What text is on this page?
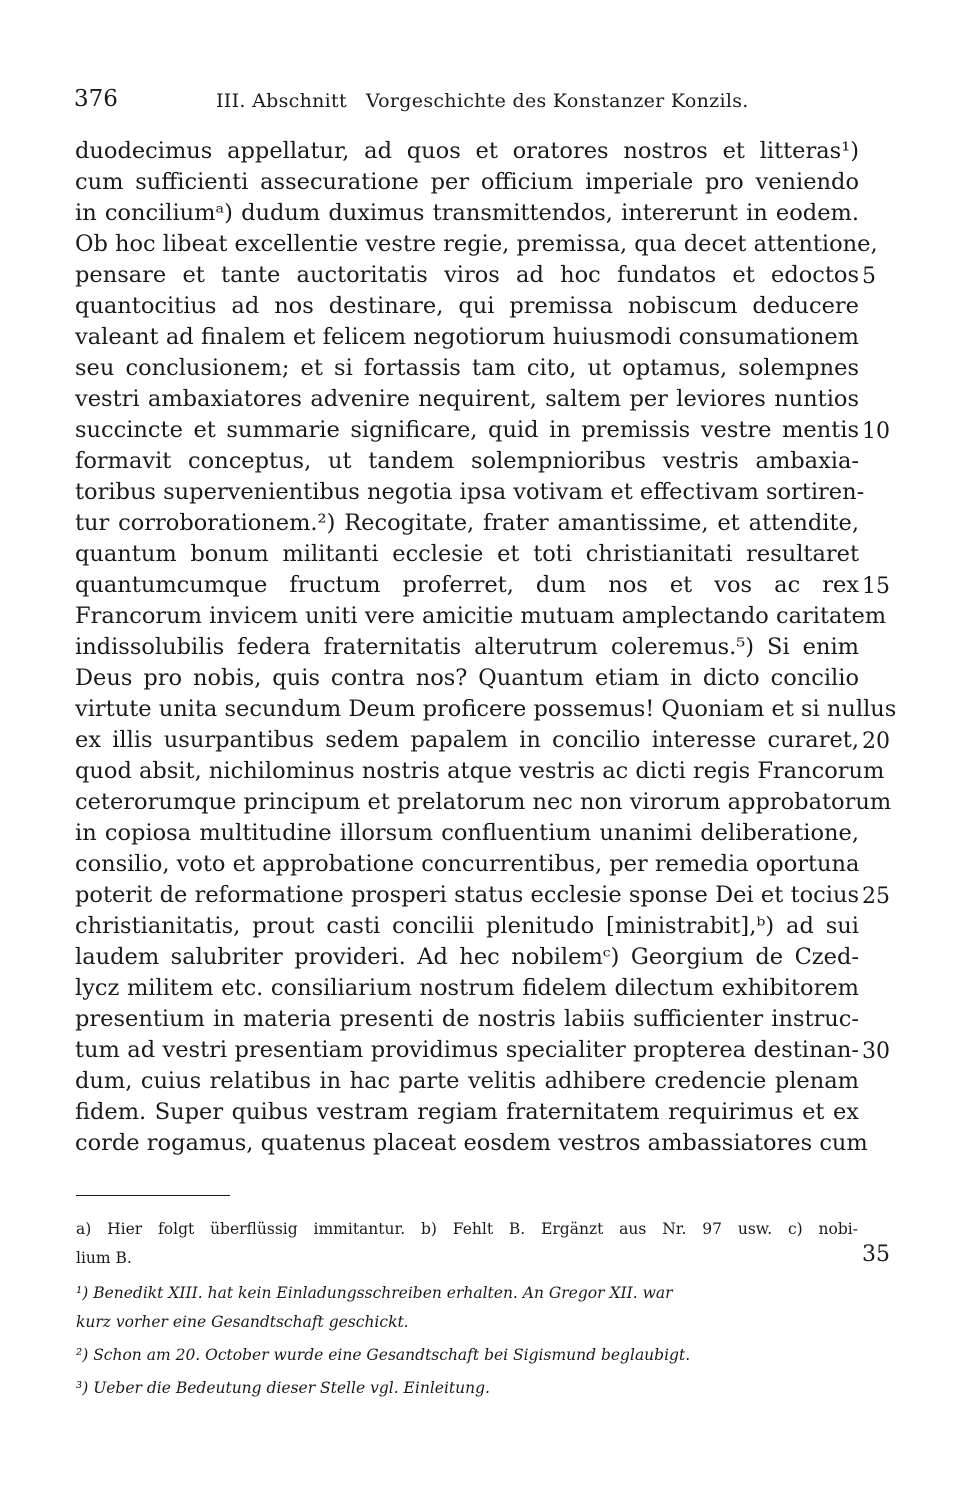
376	III. Abschnitt   Vorgeschichte des Konstanzer Konzils.
duodecimus appellatur, ad quos et oratores nostros et litteras¹)
cum sufficienti assecuratione per officium imperiale pro veniendo
in conciliumᵃ) dudum duximus transmittendos, intererunt in eodem.
Ob hoc libeat excellentie vestre regie, premissa, qua decet attentione,
pensare et tante auctoritatis viros ad hoc fundatos et edoctos
quantocitius ad nos destinare, qui premissa nobiscum deducere
valeant ad finalem et felicem negotiorum huiusmodi consumationem
seu conclusionem; et si fortassis tam cito, ut optamus, solempnes
vestri ambaxiatores advenire nequirent, saltem per leviores nuntios
succincte et summarie significare, quid in premissis vestre mentis
formavit conceptus, ut tandem solempnioribus vestris ambaxia-
toribus supervenientibus negotia ipsa votivam et effectivam sortiren-
tur corroborationem.²) Recogitate, frater amantissime, et attendite,
quantum bonum militanti ecclesie et toti christianitati resultaret
quantumcumque fructum proferret, dum nos et vos ac rex
Francorum invicem uniti vere amicitie mutuam amplectando caritatem
indissolubilis federa fraternitatis alterutrum coleremus.⁵) Si enim
Deus pro nobis, quis contra nos? Quantum etiam in dicto concilio
virtute unita secundum Deum proficere possemus! Quoniam et si nullus
ex illis usurpantibus sedem papalem in concilio interesse curaret,
quod absit, nichilominus nostris atque vestris ac dicti regis Francorum
ceterorumque principum et prelatorum nec non virorum approbatorum
in copiosa multitudine illorsum confluentium unanimi deliberatione,
consilio, voto et approbatione concurrentibus, per remedia oportuna
poterit de reformatione prosperi status ecclesie sponse Dei et tocius
christianitatis, prout casti concilii plenitudo [ministrabit],ᵇ) ad sui
laudem salubriter provideri. Ad hec nobilemᶜ) Georgium de Czed-
lycz militem etc. consiliarium nostrum fidelem dilectum exhibitorem
presentium in materia presenti de nostris labiis sufficienter instruc-
tum ad vestri presentiam providimus specialiter propterea destinan-
dum, cuius relatibus in hac parte velitis adhibere credencie plenam
fidem. Super quibus vestram regiam fraternitatem requirimus et ex
corde rogamus, quatenus placeat eosdem vestros ambassiatores cum
5
10
15
20
25
30
a) Hier folgt überflüssig immitantur. b) Fehlt B. Ergänzt aus Nr. 97 usw. c) nobi-
lium B.
¹) Benedikt XIII. hat kein Einladungsschreiben erhalten. An Gregor XII. war
kurz vorher eine Gesandtschaft geschickt.
²) Schon am 20. October wurde eine Gesandtschaft bei Sigismund beglaubigt.
³) Ueber die Bedeutung dieser Stelle vgl. Einleitung.
35
